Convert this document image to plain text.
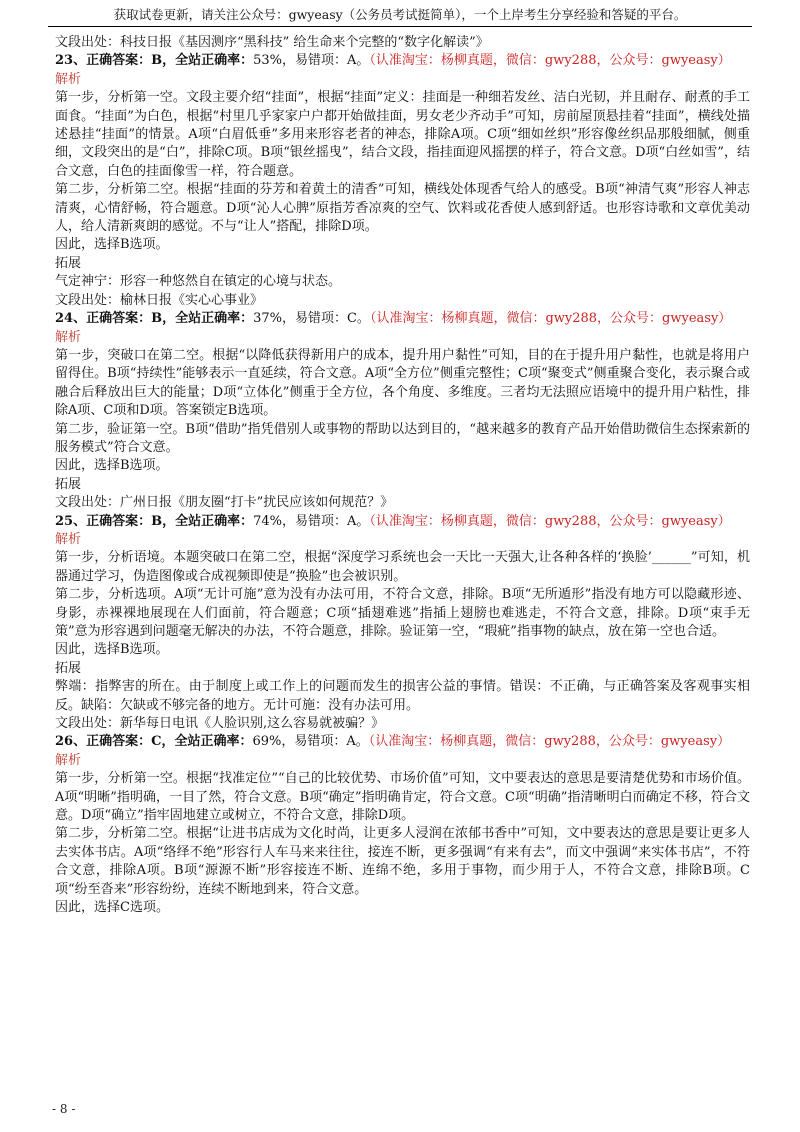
获取试卷更新，请关注公众号：gwyeasy（公务员考试挺简单），一个上岸考生分享经验和答疑的平台。

文段出处：科技日报《基因测序“黑科技” 给生命来个完整的“数字化解读”》

23、正确答案：B，全站正确率：53%，易错项：A。（认准淘宝：杨柳真题，微信：gwy288，公众号：gwyeasy）

解析

第一步，分析第一空。文段主要介绍“挂面”，根据“挂面”定义：挂面是一种细若发丝、洁白光韧，并且耐存、耐煮的手工面食。“挂面”为白色，根据“村里几乎家家户户都开始做挂面，男女老少齐动手”可知，房前屋顶悬挂着“挂面”，横线处描述悬挂“挂面”的情景。A项“白眉低垂”多用来形容老者的神态，排除A项。C项“细如丝织”形容像丝织品那般细腻，侧重细，文段突出的是“白”，排除C项。B项“银丝摇曳”，结合文段，指挂面迎风摇摆的样子，符合文意。D项“白丝如雪”，结合文意，白色的挂面像雪一样，符合题意。

第二步，分析第二空。根据“挂面的芬芳和着黄土的清香”可知，横线处体现香气给人的感受。B项“神清气爽”形容人神志清爽，心情舒畅，符合题意。D项“沁人心脾”原指芳香凉爽的空气、饮料或花香使人感到舒适。也形容诗歌和文章优美动人，给人清新爽朗的感觉。不与“让人”搭配，排除D项。

因此，选择B选项。

拓展

气定神宁：形容一种悠然自在镇定的心境与状态。

文段出处：榆林日报《实心心事业》

24、正确答案：B，全站正确率：37%，易错项：C。（认准淘宝：杨柳真题，微信：gwy288，公众号：gwyeasy）

解析

第一步，突破口在第二空。根据“以降低获得新用户的成本，提升用户黏性”可知，目的在于提升用户黏性，也就是将用户留得住。B项“持续性”能够表示一直延续，符合文意。A项“全方位”侧重完整性；C项“聚变式”侧重聚合变化，表示聚合或融合后释放出巨大的能量；D项“立体化”侧重于全方位，各个角度、多维度。三者均无法照应语境中的提升用户粘性，排除A项、C项和D项。答案锁定B选项。

第二步，验证第一空。B项“借助”指凭借别人或事物的帮助以达到目的，“越来越多的教育产品开始借助微信生态探索新的服务模式”符合文意。

因此，选择B选项。

拓展

文段出处：广州日报《朋友圈“打卡”扰民应该如何规范？》

25、正确答案：B，全站正确率：74%，易错项：A。（认准淘宝：杨柳真题，微信：gwy288，公众号：gwyeasy）

解析

第一步，分析语境。本题突破口在第二空，根据“深度学习系统也会一天比一天强大,让各种各样的‘换脸’______”可知，机器通过学习，伪造图像或合成视频即使是“换脸”也会被识别。

第二步，分析选项。A项“无计可施”意为没有办法可用，不符合文意，排除。B项“无所遁形”指没有地方可以隐藏形迹、身影，赤裸裸地展现在人们面前，符合题意；C项“插翅难逃”指插上翅膀也难逃走，不符合文意，排除。D项“束手无策”意为形容遇到问题毫无解决的办法，不符合题意，排除。验证第一空，“瑕疵”指事物的缺点，放在第一空也合适。

因此，选择B选项。

拓展

弊端：指弊害的所在。由于制度上或工作上的问题而发生的损害公益的事情。错误：不正确，与正确答案及客观事实相反。缺陷：欠缺或不够完备的地方。无计可施：没有办法可用。

文段出处：新华每日电讯《人脸识别,这么容易就被骗？》

26、正确答案：C，全站正确率：69%，易错项：A。（认准淘宝：杨柳真题，微信：gwy288，公众号：gwyeasy）

解析

第一步，分析第一空。根据“找准定位”“自己的比较优势、市场价值”可知，文中要表达的意思是要清楚优势和市场价值。A项“明晰”指明确，一目了然，符合文意。B项“确定”指明确肯定，符合文意。C项“明确”指清晰明白而确定不移，符合文意。D项“确立”指牢固地建立或树立，不符合文意，排除D项。

第二步，分析第二空。根据“让进书店成为文化时尚，让更多人浸润在浓郁书香中”可知，文中要表达的意思是要让更多人去实体书店。A项“络绎不绝”形容行人车马来来往往，接连不断，更多强调“有来有去”，而文中强调“来实体书店”，不符合文意，排除A项。B项“源源不断”形容接连不断、连绵不绝，多用于事物，而少用于人，不符合文意，排除B项。C项“纷至沓来”形容纷纷，连续不断地到来，符合文意。

因此，选择C选项。

- 8 -
